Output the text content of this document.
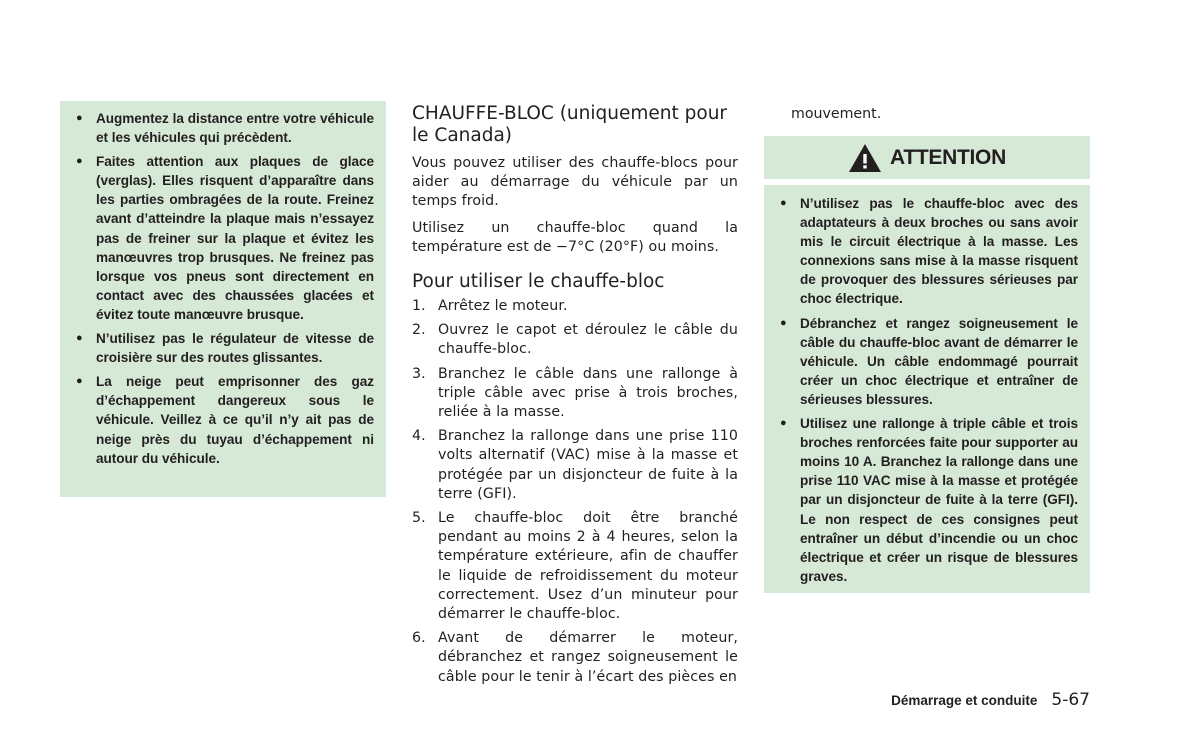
● Augmentez la distance entre votre véhicule et les véhicules qui précèdent.
● Faites attention aux plaques de glace (verglas). Elles risquent d’apparaître dans les parties ombragées de la route. Freinez avant d’atteindre la plaque mais n’essayez pas de freiner sur la plaque et évitez les manœuvres trop brusques. Ne freinez pas lorsque vos pneus sont directement en contact avec des chaussées glacées et évitez toute manœuvre brusque.
● N’utilisez pas le régulateur de vitesse de croisière sur des routes glissantes.
● La neige peut emprisonner des gaz d’échappement dangereux sous le véhicule. Veillez à ce qu’il n’y ait pas de neige près du tuyau d’échappement ni autour du véhicule.
CHAUFFE-BLOC (uniquement pour le Canada)

Vous pouvez utiliser des chauffe-blocs pour aider au démarrage du véhicule par un temps froid.

Utilisez un chauffe-bloc quand la température est de −7°C (20°F) ou moins.

Pour utiliser le chauffe-bloc
1. Arrêtez le moteur.
2. Ouvrez le capot et déroulez le câble du chauffe-bloc.
3. Branchez le câble dans une rallonge à triple câble avec prise à trois broches, reliée à la masse.
4. Branchez la rallonge dans une prise 110 volts alternatif (VAC) mise à la masse et protégée par un disjoncteur de fuite à la terre (GFI).
5. Le chauffe-bloc doit être branché pendant au moins 2 à 4 heures, selon la température extérieure, afin de chauffer le liquide de refroidissement du moteur correctement. Usez d’un minuteur pour démarrer le chauffe-bloc.
6. Avant de démarrer le moteur, débranchez et rangez soigneusement le câble pour le tenir à l’écart des pièces en
mouvement.
ATTENTION
● N’utilisez pas le chauffe-bloc avec des adaptateurs à deux broches ou sans avoir mis le circuit électrique à la masse. Les connexions sans mise à la masse risquent de provoquer des blessures sérieuses par choc électrique.
● Débranchez et rangez soigneusement le câble du chauffe-bloc avant de démarrer le véhicule. Un câble endommagé pourrait créer un choc électrique et entraîner de sérieuses blessures.
● Utilisez une rallonge à triple câble et trois broches renforcées faite pour supporter au moins 10 A. Branchez la rallonge dans une prise 110 VAC mise à la masse et protégée par un disjoncteur de fuite à la terre (GFI). Le non respect de ces consignes peut entraîner un début d’incendie ou un choc électrique et créer un risque de blessures graves.
Démarrage et conduite 5-67
